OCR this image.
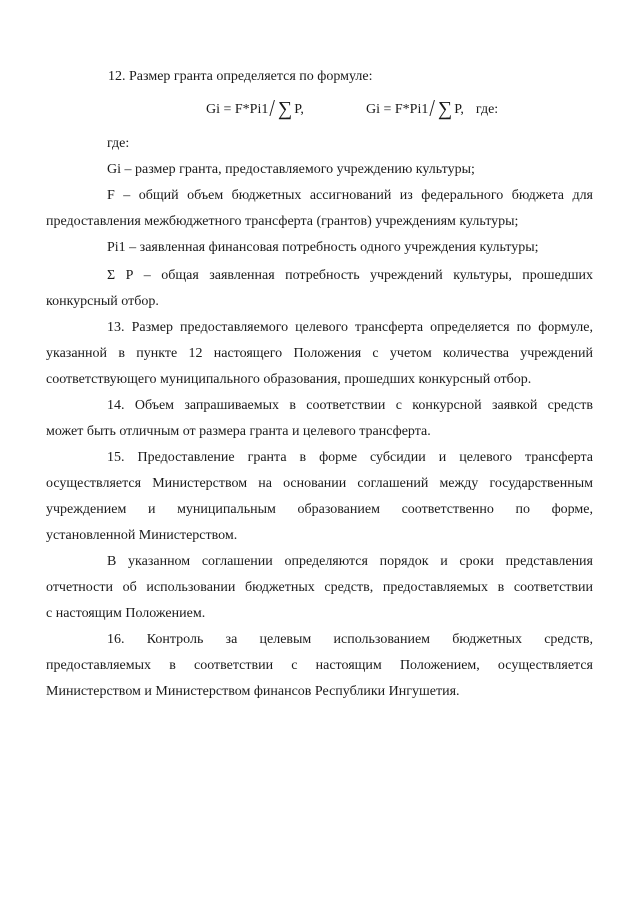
12. Размер гранта определяется по формуле:
Gi = F*Pi1 / ∑ P,	Gi = F*Pi1 / ∑ P, где:
где:
Gi – размер гранта, предоставляемого учреждению культуры;
F – общий объем бюджетных ассигнований из федерального бюджета для
предоставления межбюджетного трансферта (грантов) учреждениям культуры;
Pi1 – заявленная финансовая потребность одного учреждения культуры;
Σ Р – общая заявленная потребность учреждений культуры, прошедших
конкурсный отбор.
13. Размер предоставляемого целевого трансферта определяется по формуле,
указанной в пункте 12 настоящего Положения с учетом количества учреждений
соответствующего муниципального образования, прошедших конкурсный отбор.
14. Объем запрашиваемых в соответствии с конкурсной заявкой средств
может быть отличным от размера гранта и целевого трансферта.
15. Предоставление гранта в форме субсидии и целевого трансферта
осуществляется Министерством на основании соглашений между государственным
учреждением и муниципальным образованием соответственно по форме,
установленной Министерством.
В указанном соглашении определяются порядок и сроки представления
отчетности об использовании бюджетных средств, предоставляемых в соответствии
с настоящим Положением.
16. Контроль за целевым использованием бюджетных средств,
предоставляемых в соответствии с настоящим Положением, осуществляется
Министерством и Министерством финансов Республики Ингушетия.
